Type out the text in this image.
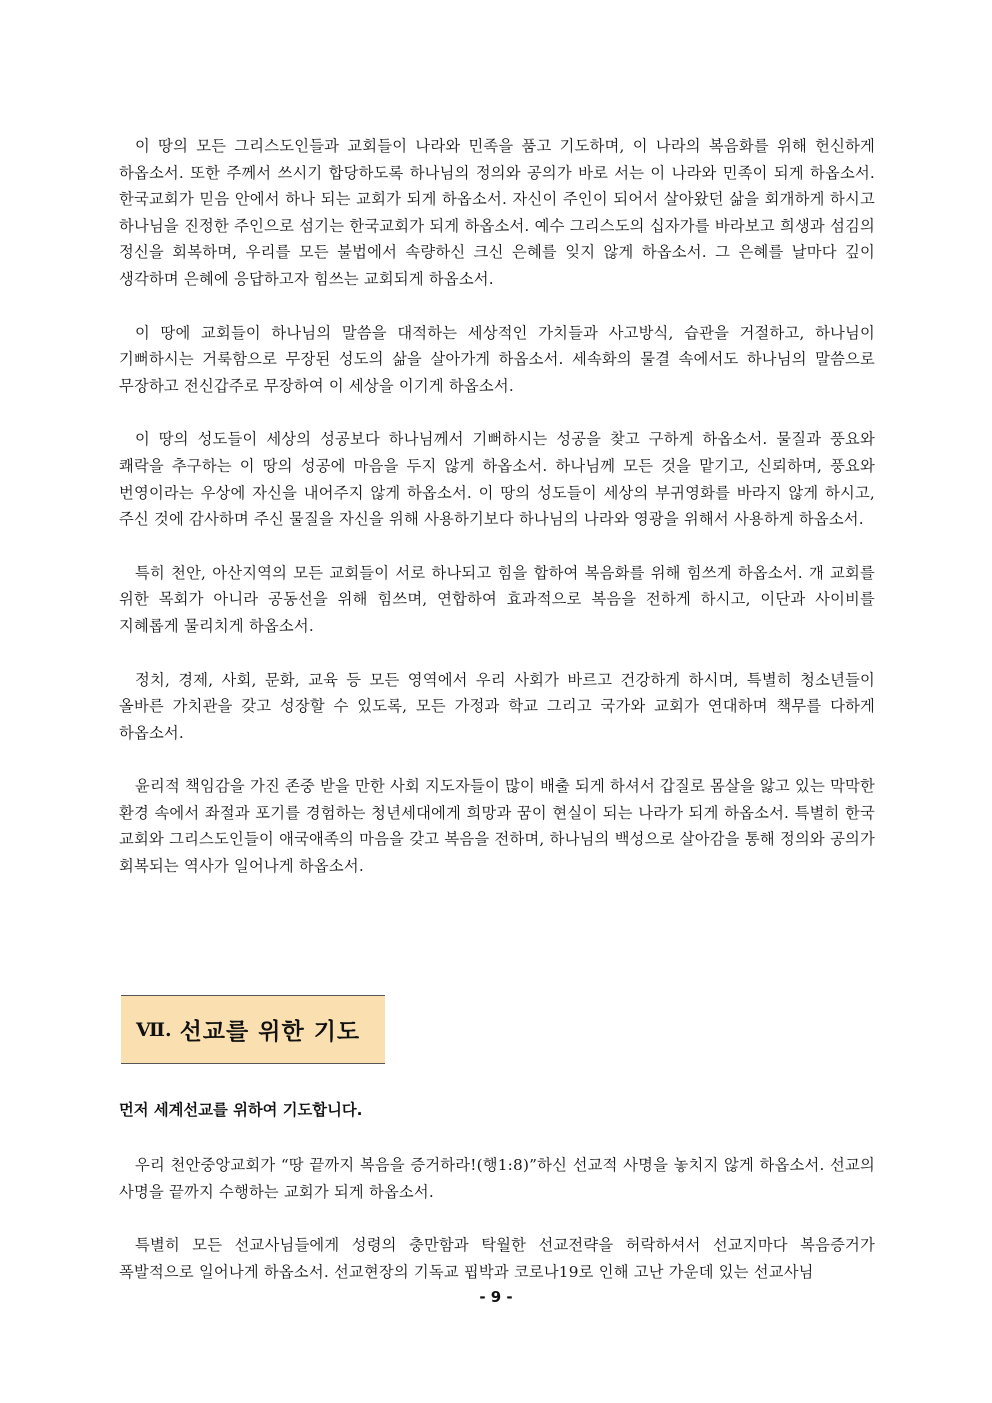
이 땅의 모든 그리스도인들과 교회들이 나라와 민족을 품고 기도하며, 이 나라의 복음화를 위해 헌신하게 하옵소서. 또한 주께서 쓰시기 합당하도록 하나님의 정의와 공의가 바로 서는 이 나라와 민족이 되게 하옵소서. 한국교회가 믿음 안에서 하나 되는 교회가 되게 하옵소서. 자신이 주인이 되어서 살아왔던 삶을 회개하게 하시고 하나님을 진정한 주인으로 섬기는 한국교회가 되게 하옵소서. 예수 그리스도의 십자가를 바라보고 희생과 섬김의 정신을 회복하며, 우리를 모든 불법에서 속량하신 크신 은혜를 잊지 않게 하옵소서. 그 은혜를 날마다 깊이 생각하며 은혜에 응답하고자 힘쓰는 교회되게 하옵소서.

이 땅에 교회들이 하나님의 말씀을 대적하는 세상적인 가치들과 사고방식, 습관을 거절하고, 하나님이 기뻐하시는 거룩함으로 무장된 성도의 삶을 살아가게 하옵소서. 세속화의 물결 속에서도 하나님의 말씀으로 무장하고 전신갑주로 무장하여 이 세상을 이기게 하옵소서.

이 땅의 성도들이 세상의 성공보다 하나님께서 기뻐하시는 성공을 찾고 구하게 하옵소서. 물질과 풍요와 쾌락을 추구하는 이 땅의 성공에 마음을 두지 않게 하옵소서. 하나님께 모든 것을 맡기고, 신뢰하며, 풍요와 번영이라는 우상에 자신을 내어주지 않게 하옵소서. 이 땅의 성도들이 세상의 부귀영화를 바라지 않게 하시고, 주신 것에 감사하며 주신 물질을 자신을 위해 사용하기보다 하나님의 나라와 영광을 위해서 사용하게 하옵소서.

특히 천안, 아산지역의 모든 교회들이 서로 하나되고 힘을 합하여 복음화를 위해 힘쓰게 하옵소서. 개 교회를 위한 목회가 아니라 공동선을 위해 힘쓰며, 연합하여 효과적으로 복음을 전하게 하시고, 이단과 사이비를 지혜롭게 물리치게 하옵소서.

정치, 경제, 사회, 문화, 교육 등 모든 영역에서 우리 사회가 바르고 건강하게 하시며, 특별히 청소년들이 올바른 가치관을 갖고 성장할 수 있도록, 모든 가정과 학교 그리고 국가와 교회가 연대하며 책무를 다하게 하옵소서.

윤리적 책임감을 가진 존중 받을 만한 사회 지도자들이 많이 배출 되게 하셔서 갑질로 몸살을 앓고 있는 막막한 환경 속에서 좌절과 포기를 경험하는 청년세대에게 희망과 꿈이 현실이 되는 나라가 되게 하옵소서. 특별히 한국 교회와 그리스도인들이 애국애족의 마음을 갖고 복음을 전하며, 하나님의 백성으로 살아감을 통해 정의와 공의가 회복되는 역사가 일어나게 하옵소서.

Ⅶ. 선교를 위한 기도

먼저 세계선교를 위하여 기도합니다.

우리 천안중앙교회가 “땅 끝까지 복음을 증거하라!(행1:8)”하신 선교적 사명을 놓치지 않게 하옵소서. 선교의 사명을 끝까지 수행하는 교회가 되게 하옵소서.

특별히 모든 선교사님들에게 성령의 충만함과 탁월한 선교전략을 허락하셔서 선교지마다 복음증거가 폭발적으로 일어나게 하옵소서. 선교현장의 기독교 핍박과 코로나19로 인해 고난 가운데 있는 선교사님

- 9 -
